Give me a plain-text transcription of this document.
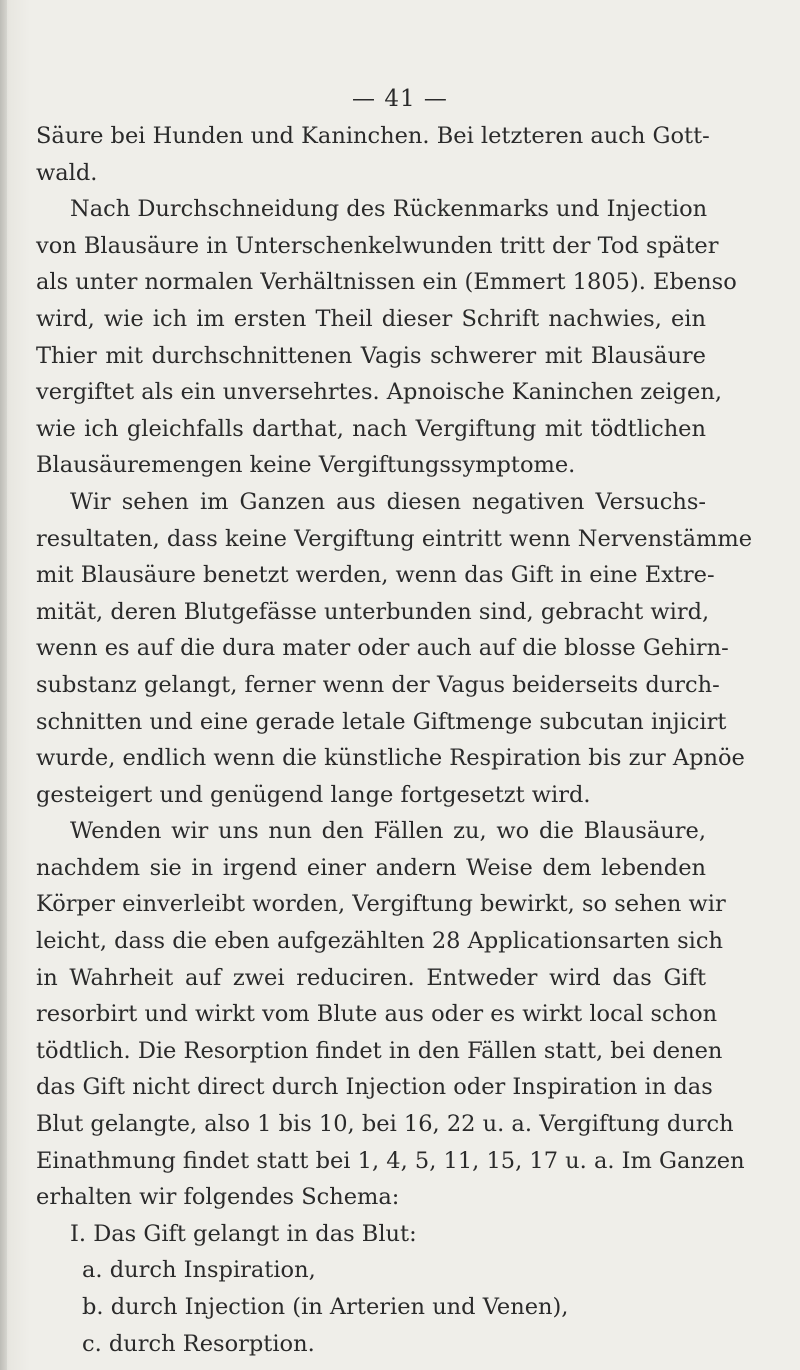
— 41 —
Säure bei Hunden und Kaninchen. Bei letzteren auch Gott-
wald.
Nach Durchschneidung des Rückenmarks und Injection
von Blausäure in Unterschenkelwunden tritt der Tod später
als unter normalen Verhältnissen ein (Emmert 1805). Ebenso
wird, wie ich im ersten Theil dieser Schrift nachwies, ein
Thier mit durchschnittenen Vagis schwerer mit Blausäure
vergiftet als ein unversehrtes. Apnoische Kaninchen zeigen,
wie ich gleichfalls darthat, nach Vergiftung mit tödtlichen
Blausäuremengen keine Vergiftungssymptome.
Wir sehen im Ganzen aus diesen negativen Versuchs-
resultaten, dass keine Vergiftung eintritt wenn Nervenstämme
mit Blausäure benetzt werden, wenn das Gift in eine Extre-
mität, deren Blutgefässe unterbunden sind, gebracht wird,
wenn es auf die dura mater oder auch auf die blosse Gehirn-
substanz gelangt, ferner wenn der Vagus beiderseits durch-
schnitten und eine gerade letale Giftmenge subcutan injicirt
wurde, endlich wenn die künstliche Respiration bis zur Apnöe
gesteigert und genügend lange fortgesetzt wird.
Wenden wir uns nun den Fällen zu, wo die Blausäure,
nachdem sie in irgend einer andern Weise dem lebenden
Körper einverleibt worden, Vergiftung bewirkt, so sehen wir
leicht, dass die eben aufgezählten 28 Applicationsarten sich
in Wahrheit auf zwei reduciren. Entweder wird das Gift
resorbirt und wirkt vom Blute aus oder es wirkt local schon
tödtlich. Die Resorption findet in den Fällen statt, bei denen
das Gift nicht direct durch Injection oder Inspiration in das
Blut gelangte, also 1 bis 10, bei 16, 22 u. a. Vergiftung durch
Einathmung findet statt bei 1, 4, 5, 11, 15, 17 u. a. Im Ganzen
erhalten wir folgendes Schema:
I. Das Gift gelangt in das Blut:
a. durch Inspiration,
b. durch Injection (in Arterien und Venen),
c. durch Resorption.
